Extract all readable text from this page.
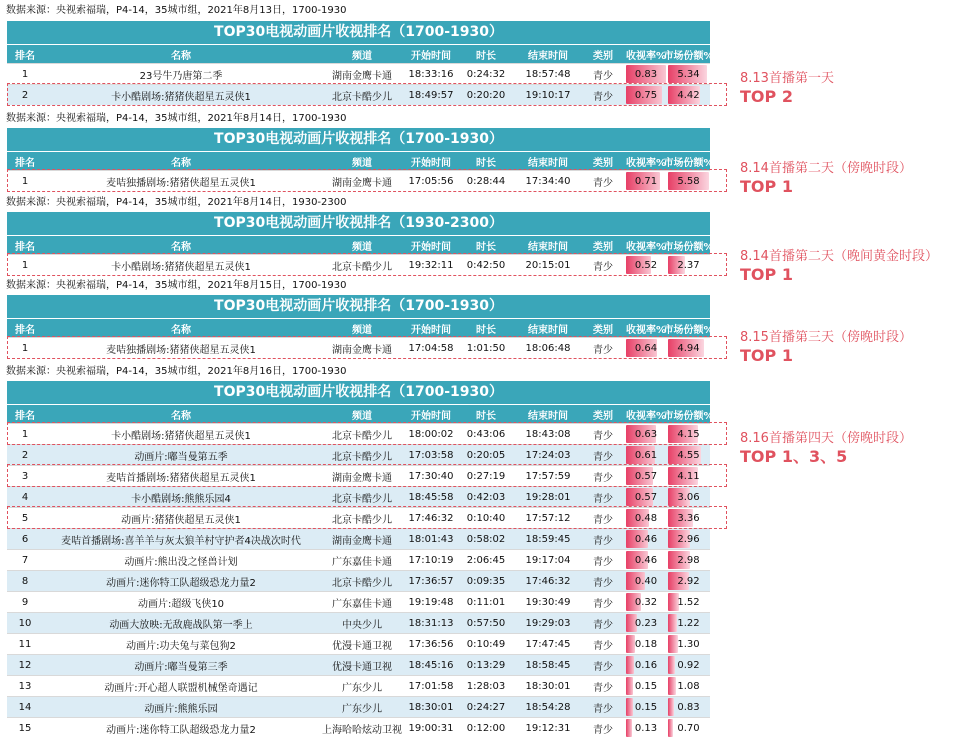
数据来源：央视索福瑞，P4-14，35城市组，2021年8月13日，1700-1930
TOP30电视动画片收视排名（1700-1930）
排名	名称	频道	开始时间	时长	结束时间	类别	收视率%
市场份额%
1	23号牛乃唐第二季	湖南金鹰卡通	18:33:16	0:24:32	18:57:48	青少	0.83 5.34
2	卡小酷剧场:猪猪侠超星五灵侠1	北京卡酷少儿	18:49:57	0:20:20	19:10:17	青少	0.75 4.42
数据来源：央视索福瑞，P4-14，35城市组，2021年8月14日，1700-1930
TOP30电视动画片收视排名（1700-1930）
排名	名称	频道	开始时间	时长	结束时间	类别	收视率%
市场份额%
1	麦咭独播剧场:猪猪侠超星五灵侠1	湖南金鹰卡通	17:05:56	0:28:44	17:34:40	青少	0.71 5.58
数据来源：央视索福瑞，P4-14，35城市组，2021年8月14日，1930-2300
TOP30电视动画片收视排名（1930-2300）
排名	名称	频道	开始时间	时长	结束时间	类别	收视率%
市场份额%
1	卡小酷剧场:猪猪侠超星五灵侠1	北京卡酷少儿	19:32:11	0:42:50	20:15:01	青少	0.52 2.37
数据来源：央视索福瑞，P4-14，35城市组，2021年8月15日，1700-1930
TOP30电视动画片收视排名（1700-1930）
排名	名称	频道	开始时间	时长	结束时间	类别	收视率%
市场份额%
1	麦咭独播剧场:猪猪侠超星五灵侠1	湖南金鹰卡通	17:04:58	1:01:50	18:06:48	青少	0.64 4.94
数据来源：央视索福瑞，P4-14，35城市组，2021年8月16日，1700-1930
TOP30电视动画片收视排名（1700-1930）
排名	名称	频道	开始时间	时长	结束时间	类别	收视率%
市场份额%
1	卡小酷剧场:猪猪侠超星五灵侠1	北京卡酷少儿	18:00:02	0:43:06	18:43:08	青少	0.63 4.15
2	动画片:嘟当曼第五季	北京卡酷少儿	17:03:58	0:20:05	17:24:03	青少	0.61 4.55
3	麦咭首播剧场:猪猪侠超星五灵侠1	湖南金鹰卡通	17:30:40	0:27:19	17:57:59	青少	0.57 4.11
4	卡小酷剧场:熊熊乐园4	北京卡酷少儿	18:45:58	0:42:03	19:28:01	青少	0.57 3.06
5	动画片:猪猪侠超星五灵侠1	北京卡酷少儿	17:46:32	0:10:40	17:57:12	青少	0.48 3.36
6	麦咭首播剧场:喜羊羊与灰太狼羊村守护者4决战次时代	湖南金鹰卡通	18:01:43	0:58:02	18:59:45	青少	0.46 2.96
7	动画片:熊出没之怪兽计划	广东嘉佳卡通	17:10:19	2:06:45	19:17:04	青少	0.46 2.98
8	动画片:迷你特工队超级恐龙力量2	北京卡酷少儿	17:36:57	0:09:35	17:46:32	青少	0.40 2.92
9	动画片:超级飞侠10	广东嘉佳卡通	19:19:48	0:11:01	19:30:49	青少	0.32 1.52
10	动画大放映:无敌鹿战队第一季上	中央少儿	18:31:13	0:57:50	19:29:03	青少	0.23 1.22
11	动画片:功夫兔与菜包狗2	优漫卡通卫视	17:36:56	0:10:49	17:47:45	青少	0.18 1.30
12	动画片:嘟当曼第三季	优漫卡通卫视	18:45:16	0:13:29	18:58:45	青少	0.16 0.92
13	动画片:开心超人联盟机械堡奇遇记	广东少儿	17:01:58	1:28:03	18:30:01	青少	0.15 1.08
14	动画片:熊熊乐园	广东少儿	18:30:01	0:24:27	18:54:28	青少	0.15 0.83
15	动画片:迷你特工队超级恐龙力量2	上海哈哈炫动卫视 19:00:31	0:12:00	19:12:31	青少	0.13 0.70
8.13首播第一天
TOP 2
8.14首播第二天（傍晚时段）
TOP 1
8.14首播第二天（晚间黄金时段）
TOP 1
8.15首播第三天（傍晚时段）
TOP 1
8.16首播第四天（傍晚时段）
TOP 1、3、5
